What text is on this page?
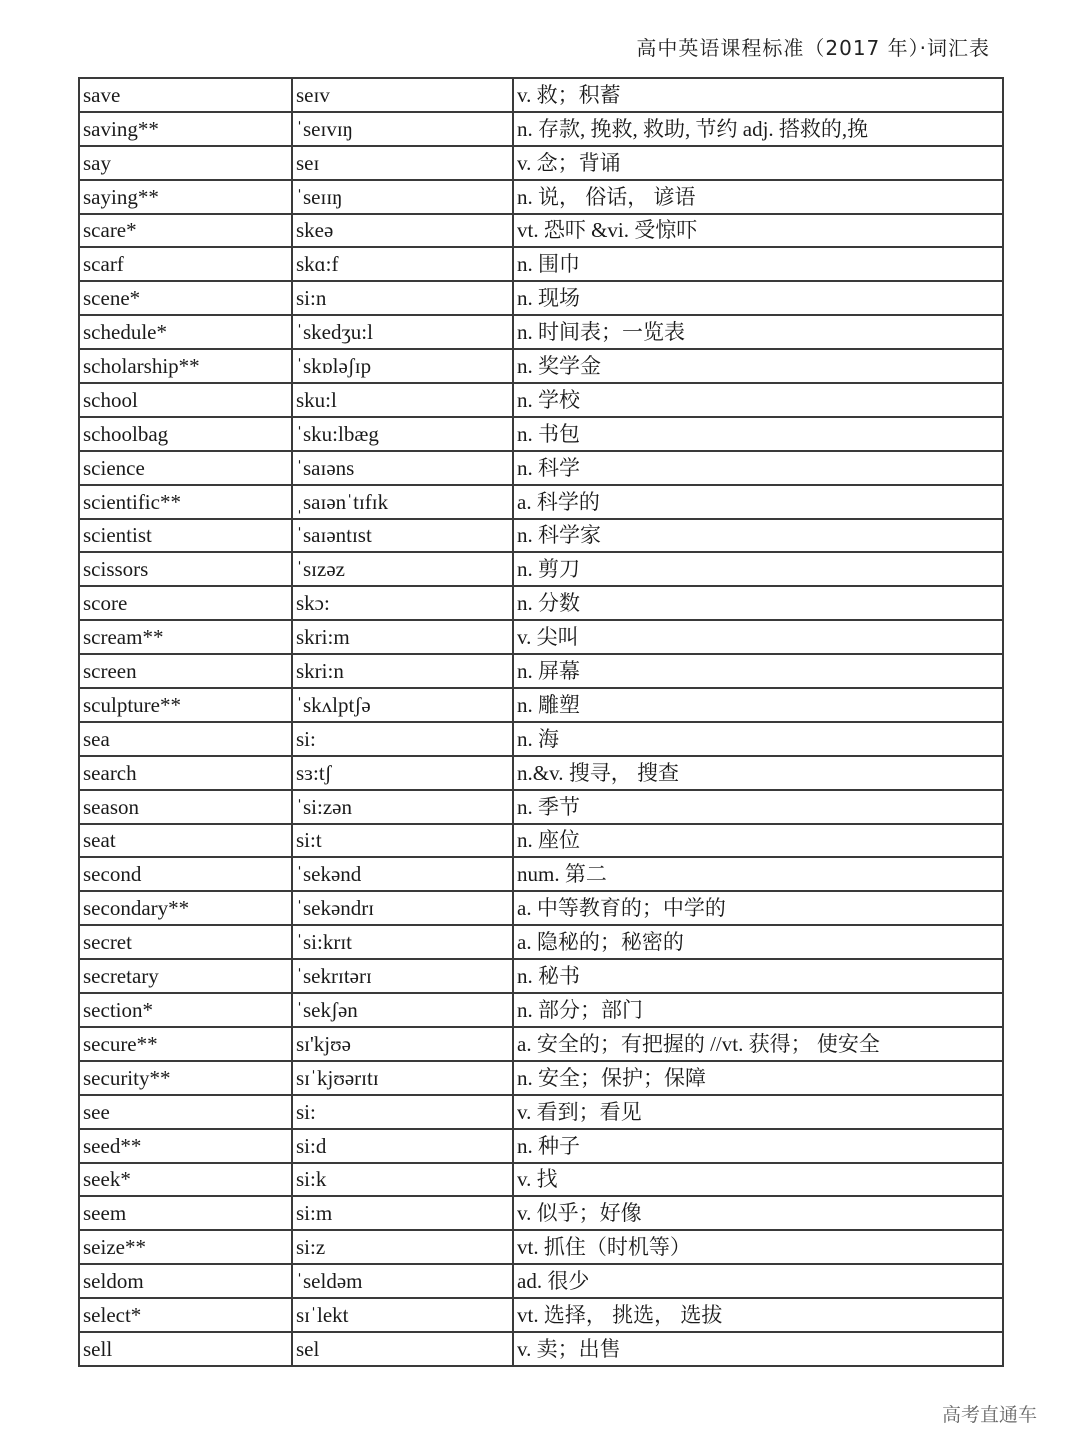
高中英语课程标准（2017 年）·词汇表
save	seɪv	v. 救；积蓄
saving**	ˈseɪvɪŋ	n. 存款, 挽救, 救助, 节约 adj. 搭救的,挽
say	seɪ	v. 念；背诵
saying**	ˈseɪɪŋ	n. 说， 俗话， 谚语
scare*	skeə	vt. 恐吓 &vi. 受惊吓
scarf	skɑ:f	n. 围巾
scene*	si:n	n. 现场
schedule*	ˈskedʒu:l	n. 时间表；一览表
scholarship**	ˈskɒləʃɪp	n. 奖学金
school	sku:l	n. 学校
schoolbag	ˈsku:lbæg	n. 书包
science	ˈsaɪəns	n. 科学
scientific**	ˌsaɪənˈtɪfɪk	a. 科学的
scientist	ˈsaɪəntɪst	n. 科学家
scissors	ˈsɪzəz	n. 剪刀
score	skɔ:	n. 分数
scream**	skri:m	v. 尖叫
screen	skri:n	n. 屏幕
sculpture**	ˈskʌlptʃə	n. 雕塑
sea	si:	n. 海
search	sɜ:tʃ	n.&v. 搜寻， 搜查
season	ˈsi:zən	n. 季节
seat	si:t	n. 座位
second	ˈsekənd	num. 第二
secondary**	ˈsekəndrɪ	a. 中等教育的；中学的
secret	ˈsi:krɪt	a. 隐秘的；秘密的
secretary	ˈsekrɪtərɪ	n. 秘书
section*	ˈsekʃən	n. 部分；部门
secure**	sɪ'kjʊə	a. 安全的；有把握的 //vt. 获得； 使安全
security**	sɪˈkjʊərɪtɪ	n. 安全；保护；保障
see	si:	v. 看到；看见
seed**	si:d	n. 种子
seek*	si:k	v. 找
seem	si:m	v. 似乎；好像
seize**	si:z	vt. 抓住（时机等）
seldom	ˈseldəm	ad. 很少
select*	sɪˈlekt	vt. 选择， 挑选， 选拔
sell	sel	v. 卖；出售
高考直通车
